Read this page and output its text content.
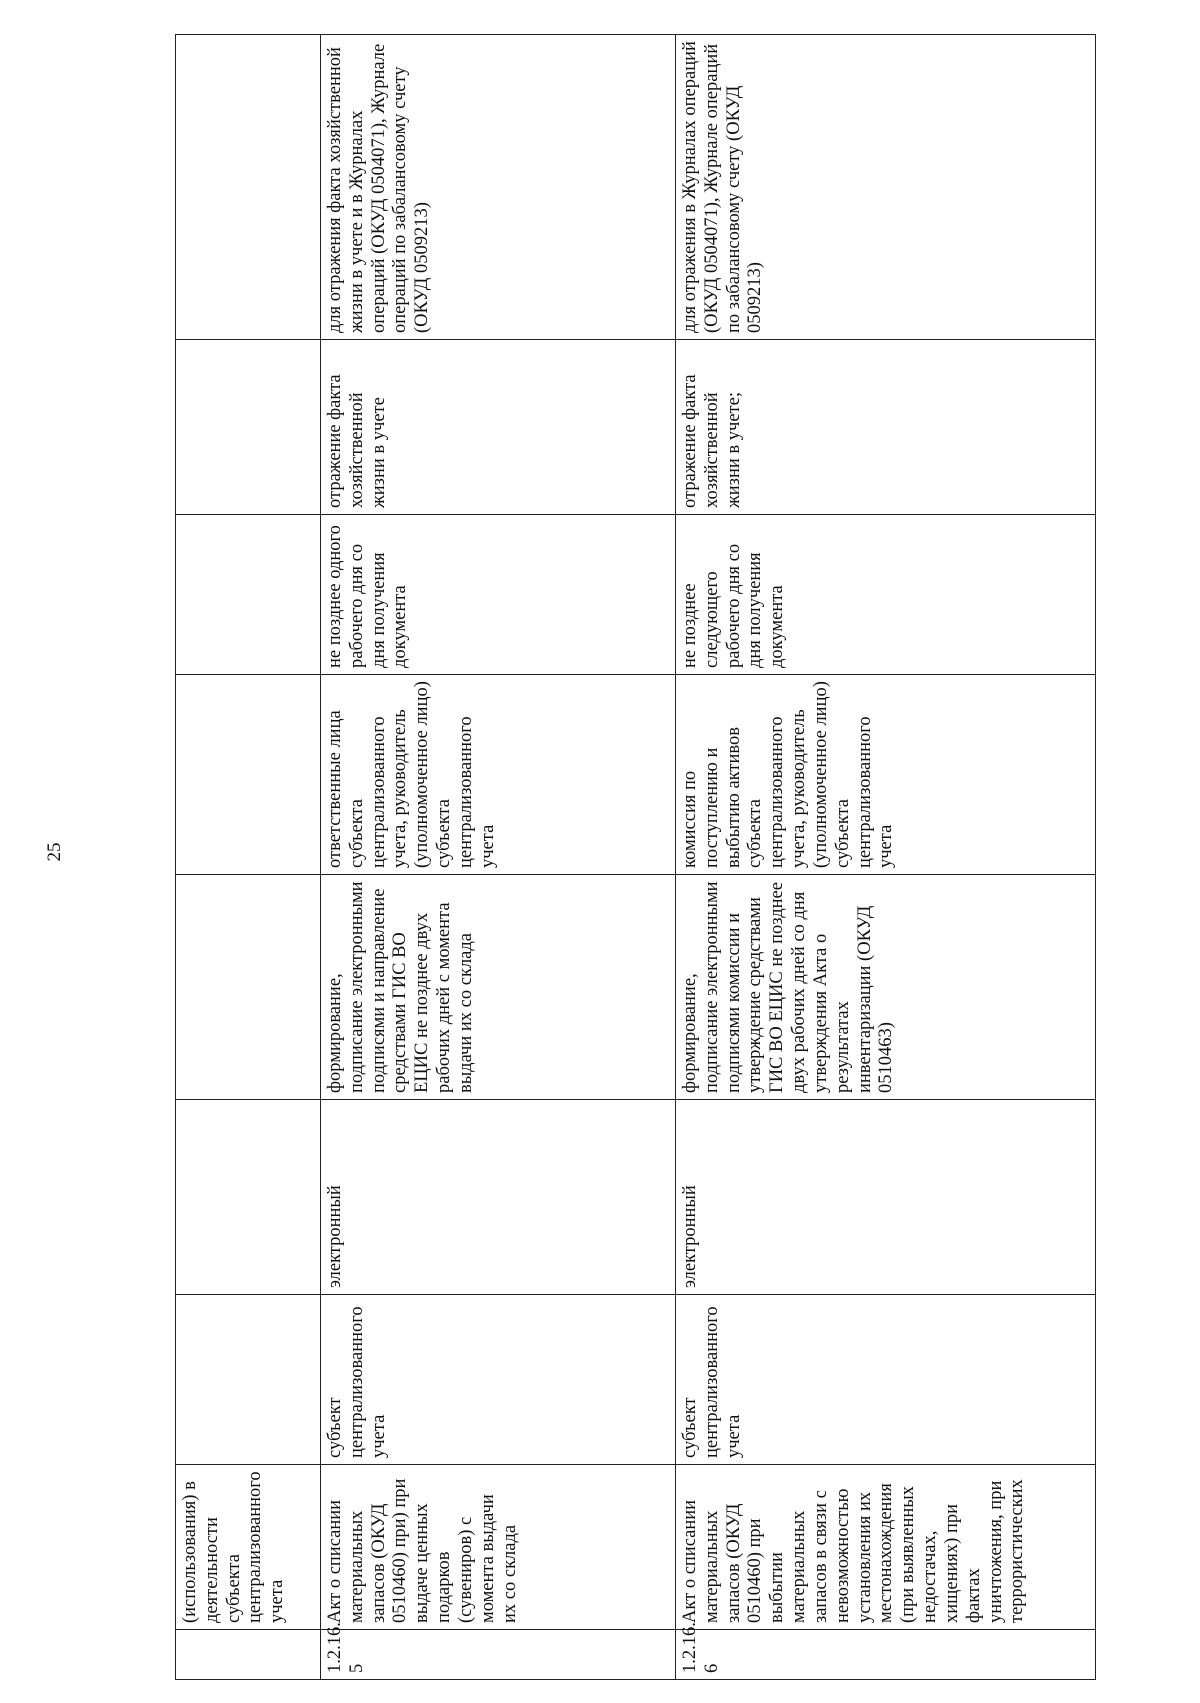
25
	(использования) в деятельности субъекта централизованного учета							
1.2.16.
5	Акт о списании материальных запасов (ОКУД 0510460) при) при выдаче ценных подарков (сувениров) с момента выдачи их со склада	субъект централизованного учета	электронный	формирование, подписание электронными подписями и направление средствами ГИС ВО ЕЦИС не позднее двух рабочих дней с момента выдачи их со склада	ответственные лица субъекта централизованного учета, руководитель (уполномоченное лицо) субъекта централизованного учета	не позднее одного рабочего дня со дня получения документа	отражение факта хозяйственной жизни в учете	для отражения факта хозяйственной жизни в учете и в Журналах операций (ОКУД 0504071), Журнале операций по забалансовому счету (ОКУД 0509213)
1.2.16.
6	Акт о списании материальных запасов (ОКУД 0510460) при выбытии материальных запасов в связи с невозможностью установления их местонахождения (при выявленных недостачах, хищениях) при фактах уничтожения, при террористических	субъект централизованного учета	электронный	формирование, подписание электронными подписями комиссии и утверждение средствами ГИС ВО ЕЦИС не позднее двух рабочих дней со дня утверждения Акта о результатах инвентаризации (ОКУД 0510463)	комиссия по поступлению и выбытию активов субъекта централизованного учета, руководитель (уполномоченное лицо) субъекта централизованного учета	не позднее следующего рабочего дня со дня получения документа	отражение факта хозяйственной жизни в учете;	для отражения в Журналах операций (ОКУД 0504071), Журнале операций по забалансовому счету (ОКУД 0509213)
